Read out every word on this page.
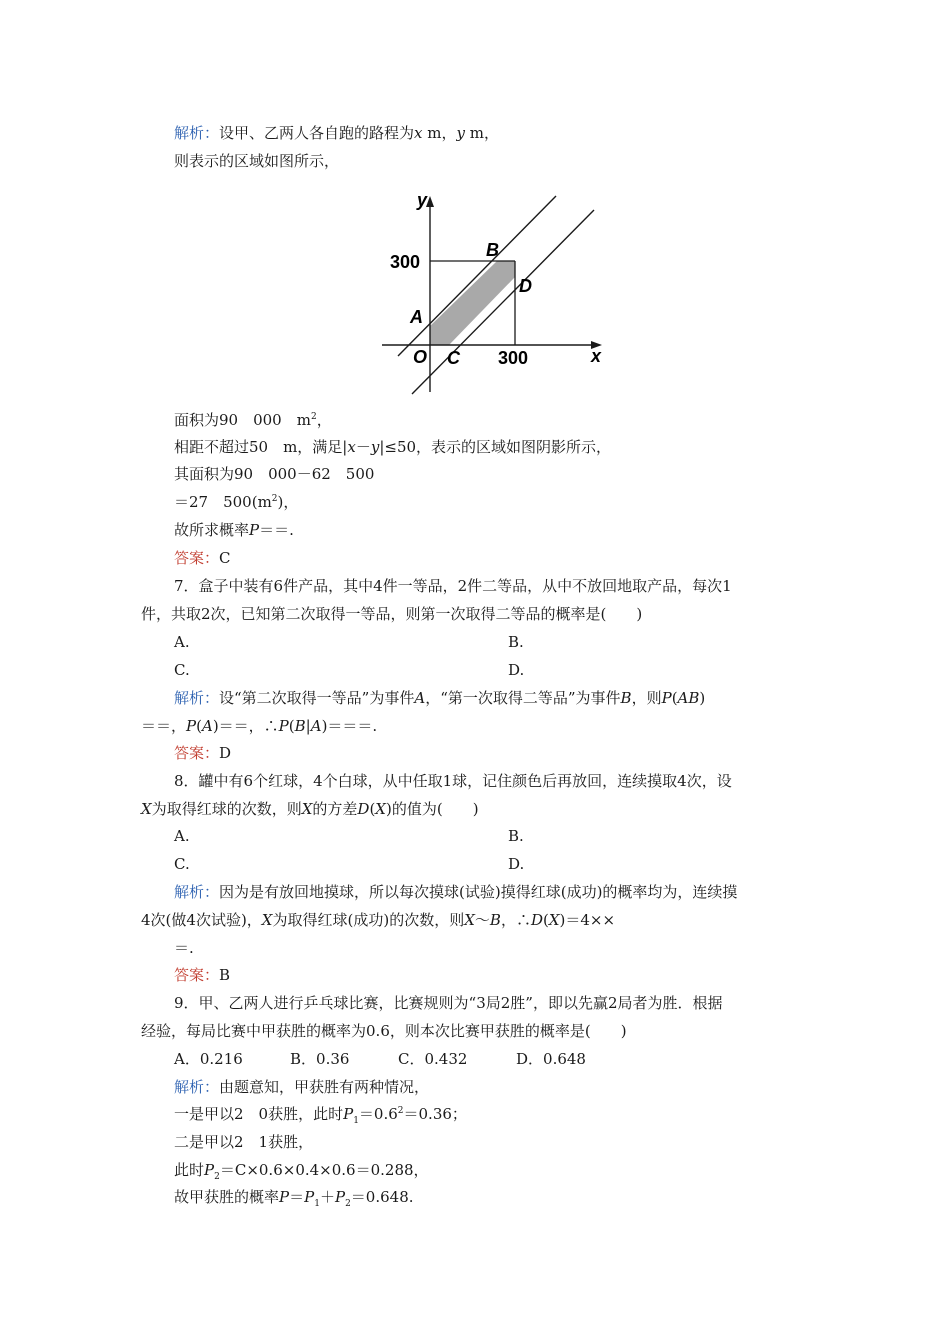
解析：设甲、乙两人各自跑的路程为x m，y m，
则表示的区域如图所示，
y
x
300
300
B
D
A
O C
面积为90　000　$m^2$，
相距不超过50　m，满足|x－y|≤50，表示的区域如图阴影所示，
其面积为90　000－62　500
＝27　$500(m^2)$，
故所求概率P＝＝.
答案：C
7．盒子中装有6件产品，其中4件一等品，2件二等品，从中不放回地取产品，每次1
件，共取2次，已知第二次取得一等品，则第一次取得二等品的概率是(　　)
A.	B.
C.	D.
解析：设“第二次取得一等品”为事件A，“第一次取得二等品”为事件B，则P(AB)
＝＝，P(A)＝＝，∴P(B|A)＝＝＝.
答案：D
8．罐中有6个红球，4个白球，从中任取1球，记住颜色后再放回，连续摸取4次，设
X为取得红球的次数，则X的方差D(X)的值为(　　)
A.	B.
C.	D.
解析：因为是有放回地摸球，所以每次摸球(试验)摸得红球(成功)的概率均为，连续摸
4次(做4次试验)，X为取得红球(成功)的次数，则X～B，∴D(X)＝4××
＝.
答案：B
9．甲、乙两人进行乒乓球比赛，比赛规则为“3局2胜”，即以先赢2局者为胜．根据
经验，每局比赛中甲获胜的概率为0.6，则本次比赛甲获胜的概率是(　　)
A．0.216	B．0.36	C．0.432	D．0.648
解析：由题意知，甲获胜有两种情况，
一是甲以2　0获胜，此时$P_1=0.6^2=0.36$；
二是甲以2　1获胜，
此时$P_2=C\times 0.6\times 0.4\times 0.6=0.288$，
故甲获胜的概率$P=P_1+P_2=0.648$.
